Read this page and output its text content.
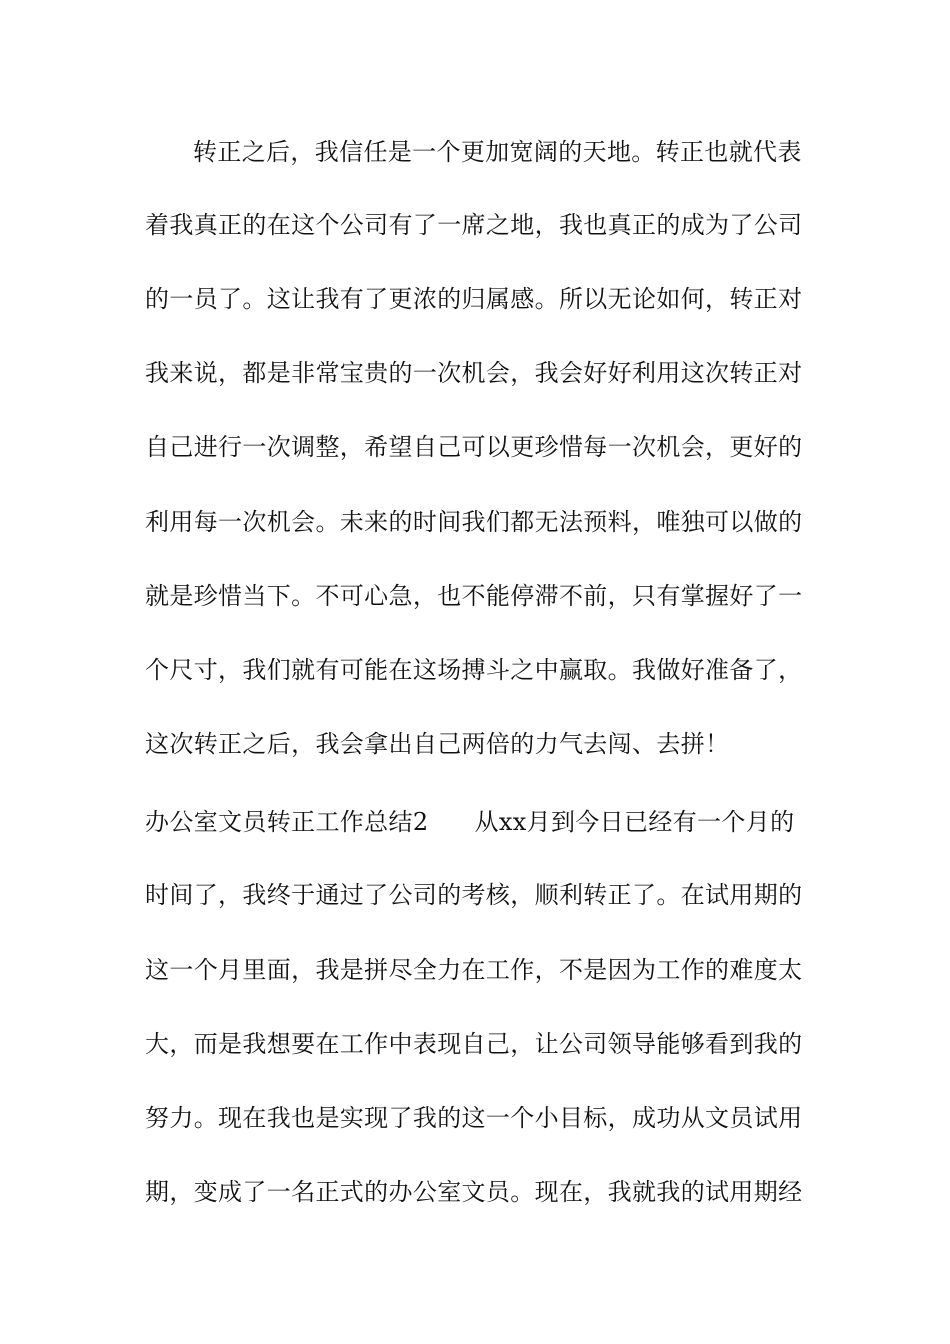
转正之后，我信任是一个更加宽阔的天地。转正也就代表
着我真正的在这个公司有了一席之地，我也真正的成为了公司
的一员了。这让我有了更浓的归属感。所以无论如何，转正对
我来说，都是非常宝贵的一次机会，我会好好利用这次转正对
自己进行一次调整，希望自己可以更珍惜每一次机会，更好的
利用每一次机会。未来的时间我们都无法预料，唯独可以做的
就是珍惜当下。不可心急，也不能停滞不前，只有掌握好了一
个尺寸，我们就有可能在这场搏斗之中赢取。我做好准备了，
这次转正之后，我会拿出自己两倍的力气去闯、去拼！
办公室文员转正工作总结2 从xx月到今日已经有一个月的
时间了，我终于通过了公司的考核，顺利转正了。在试用期的
这一个月里面，我是拼尽全力在工作，不是因为工作的难度太
大，而是我想要在工作中表现自己，让公司领导能够看到我的
努力。现在我也是实现了我的这一个小目标，成功从文员试用
期，变成了一名正式的办公室文员。现在，我就我的试用期经
